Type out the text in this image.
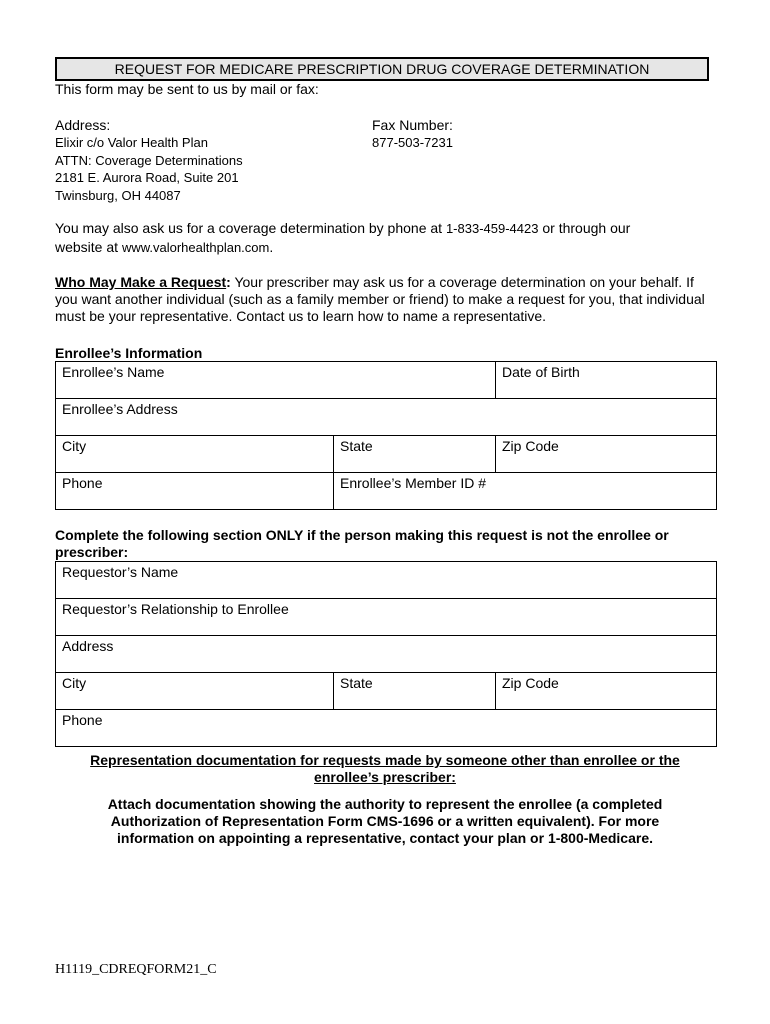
REQUEST FOR MEDICARE PRESCRIPTION DRUG COVERAGE DETERMINATION
This form may be sent to us by mail or fax:
Address:
Elixir c/o Valor Health Plan
ATTN: Coverage Determinations
2181 E. Aurora Road, Suite 201
Twinsburg, OH 44087
Fax Number:
877-503-7231
You may also ask us for a coverage determination by phone at 1-833-459-4423 or through our
website at www.valorhealthplan.com.
Who May Make a Request: Your prescriber may ask us for a coverage determination on your behalf. If you want another individual (such as a family member or friend) to make a request for you, that individual must be your representative. Contact us to learn how to name a representative.
Enrollee’s Information
Enrollee’s Name		Date of Birth
Enrollee’s Address		
City	State	Zip Code
Phone	Enrollee’s Member ID #	
Complete the following section ONLY if the person making this request is not the enrollee or prescriber:
Requestor’s Name
Requestor’s Relationship to Enrollee
Address
City	State	Zip Code
Phone
Representation documentation for requests made by someone other than enrollee or the enrollee’s prescriber:
Attach documentation showing the authority to represent the enrollee (a completed Authorization of Representation Form CMS-1696 or a written equivalent). For more information on appointing a representative, contact your plan or 1-800-Medicare.
H1119_CDREQFORM21_C
